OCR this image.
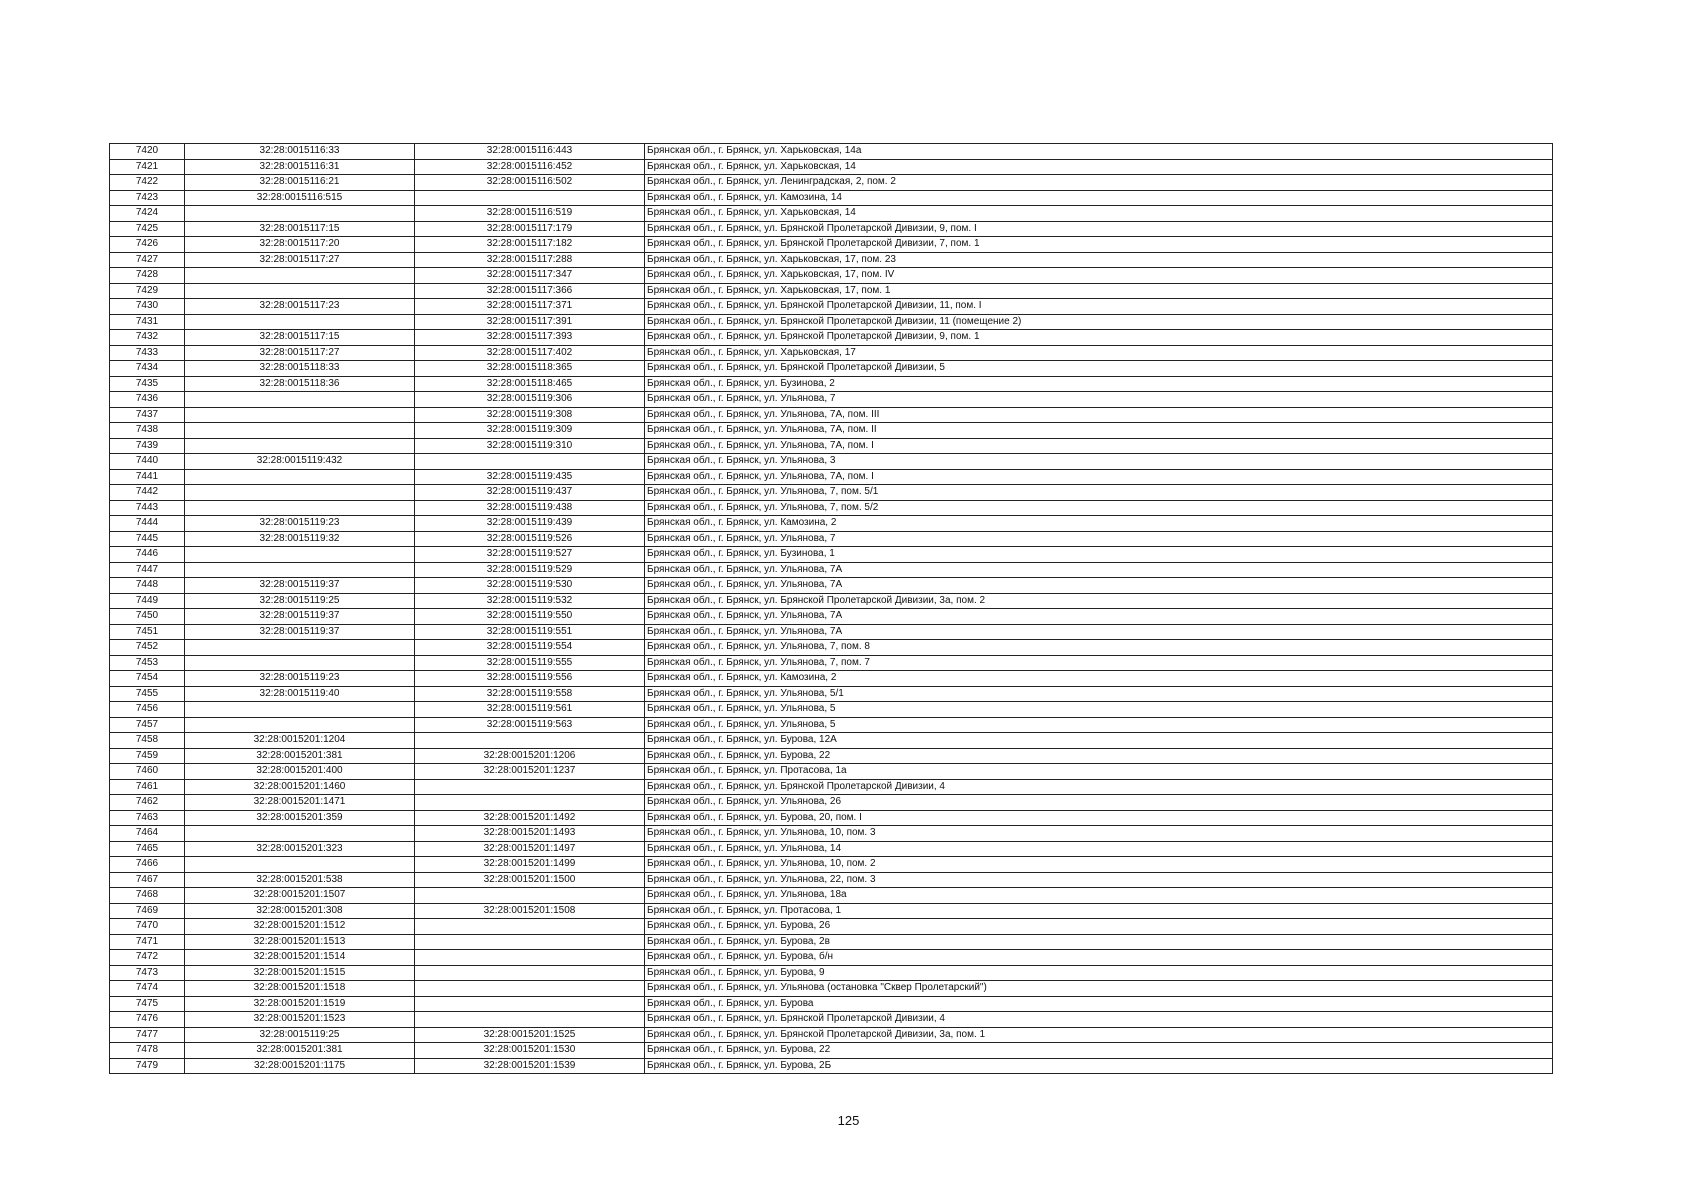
7420	32:28:0015116:33	32:28:0015116:443	Брянская обл., г. Брянск, ул. Харьковская, 14а
7421	32:28:0015116:31	32:28:0015116:452	Брянская обл., г. Брянск, ул. Харьковская, 14
7422	32:28:0015116:21	32:28:0015116:502	Брянская обл., г. Брянск, ул. Ленинградская, 2, пом. 2
7423	32:28:0015116:515		Брянская обл., г. Брянск, ул. Камозина, 14
7424		32:28:0015116:519	Брянская обл., г. Брянск, ул. Харьковская, 14
7425	32:28:0015117:15	32:28:0015117:179	Брянская обл., г. Брянск, ул. Брянской Пролетарской Дивизии, 9, пом. I
7426	32:28:0015117:20	32:28:0015117:182	Брянская обл., г. Брянск, ул. Брянской Пролетарской Дивизии, 7, пом. 1
7427	32:28:0015117:27	32:28:0015117:288	Брянская обл., г. Брянск, ул. Харьковская, 17, пом. 23
7428		32:28:0015117:347	Брянская обл., г. Брянск, ул. Харьковская, 17, пом. IV
7429		32:28:0015117:366	Брянская обл., г. Брянск, ул. Харьковская, 17, пом. 1
7430	32:28:0015117:23	32:28:0015117:371	Брянская обл., г. Брянск, ул. Брянской Пролетарской Дивизии, 11, пом. I
7431		32:28:0015117:391	Брянская обл., г. Брянск, ул. Брянской Пролетарской Дивизии, 11 (помещение 2)
7432	32:28:0015117:15	32:28:0015117:393	Брянская обл., г. Брянск, ул. Брянской Пролетарской Дивизии, 9, пом. 1
7433	32:28:0015117:27	32:28:0015117:402	Брянская обл., г. Брянск, ул. Харьковская, 17
7434	32:28:0015118:33	32:28:0015118:365	Брянская обл., г. Брянск, ул. Брянской Пролетарской Дивизии, 5
7435	32:28:0015118:36	32:28:0015118:465	Брянская обл., г. Брянск, ул. Бузинова, 2
7436		32:28:0015119:306	Брянская обл., г. Брянск, ул. Ульянова, 7
7437		32:28:0015119:308	Брянская обл., г. Брянск, ул. Ульянова, 7А, пом. III
7438		32:28:0015119:309	Брянская обл., г. Брянск, ул. Ульянова, 7А, пом. II
7439		32:28:0015119:310	Брянская обл., г. Брянск, ул. Ульянова, 7А, пом. I
7440	32:28:0015119:432		Брянская обл., г. Брянск, ул. Ульянова, 3
7441		32:28:0015119:435	Брянская обл., г. Брянск, ул. Ульянова, 7А, пом. I
7442		32:28:0015119:437	Брянская обл., г. Брянск, ул. Ульянова, 7, пом. 5/1
7443		32:28:0015119:438	Брянская обл., г. Брянск, ул. Ульянова, 7, пом. 5/2
7444	32:28:0015119:23	32:28:0015119:439	Брянская обл., г. Брянск, ул. Камозина, 2
7445	32:28:0015119:32	32:28:0015119:526	Брянская обл., г. Брянск, ул. Ульянова, 7
7446		32:28:0015119:527	Брянская обл., г. Брянск, ул. Бузинова, 1
7447		32:28:0015119:529	Брянская обл., г. Брянск, ул. Ульянова, 7А
7448	32:28:0015119:37	32:28:0015119:530	Брянская обл., г. Брянск, ул. Ульянова, 7А
7449	32:28:0015119:25	32:28:0015119:532	Брянская обл., г. Брянск, ул. Брянской Пролетарской Дивизии, 3а, пом. 2
7450	32:28:0015119:37	32:28:0015119:550	Брянская обл., г. Брянск, ул. Ульянова, 7А
7451	32:28:0015119:37	32:28:0015119:551	Брянская обл., г. Брянск, ул. Ульянова, 7А
7452		32:28:0015119:554	Брянская обл., г. Брянск, ул. Ульянова, 7, пом. 8
7453		32:28:0015119:555	Брянская обл., г. Брянск, ул. Ульянова, 7, пом. 7
7454	32:28:0015119:23	32:28:0015119:556	Брянская обл., г. Брянск, ул. Камозина, 2
7455	32:28:0015119:40	32:28:0015119:558	Брянская обл., г. Брянск, ул. Ульянова, 5/1
7456		32:28:0015119:561	Брянская обл., г. Брянск, ул. Ульянова, 5
7457		32:28:0015119:563	Брянская обл., г. Брянск, ул. Ульянова, 5
7458	32:28:0015201:1204		Брянская обл., г. Брянск, ул. Бурова, 12А
7459	32:28:0015201:381	32:28:0015201:1206	Брянская обл., г. Брянск, ул. Бурова, 22
7460	32:28:0015201:400	32:28:0015201:1237	Брянская обл., г. Брянск, ул. Протасова, 1а
7461	32:28:0015201:1460		Брянская обл., г. Брянск, ул. Брянской Пролетарской Дивизии, 4
7462	32:28:0015201:1471		Брянская обл., г. Брянск, ул. Ульянова, 26
7463	32:28:0015201:359	32:28:0015201:1492	Брянская обл., г. Брянск, ул. Бурова, 20, пом. I
7464		32:28:0015201:1493	Брянская обл., г. Брянск, ул. Ульянова, 10, пом. 3
7465	32:28:0015201:323	32:28:0015201:1497	Брянская обл., г. Брянск, ул. Ульянова, 14
7466		32:28:0015201:1499	Брянская обл., г. Брянск, ул. Ульянова, 10, пом. 2
7467	32:28:0015201:538	32:28:0015201:1500	Брянская обл., г. Брянск, ул. Ульянова, 22, пом. 3
7468	32:28:0015201:1507		Брянская обл., г. Брянск, ул. Ульянова, 18а
7469	32:28:0015201:308	32:28:0015201:1508	Брянская обл., г. Брянск, ул. Протасова, 1
7470	32:28:0015201:1512		Брянская обл., г. Брянск, ул. Бурова, 26
7471	32:28:0015201:1513		Брянская обл., г. Брянск, ул. Бурова, 2в
7472	32:28:0015201:1514		Брянская обл., г. Брянск, ул. Бурова, б/н
7473	32:28:0015201:1515		Брянская обл., г. Брянск, ул. Бурова, 9
7474	32:28:0015201:1518		Брянская обл., г. Брянск, ул. Ульянова (остановка "Сквер Пролетарский")
7475	32:28:0015201:1519		Брянская обл., г. Брянск, ул. Бурова
7476	32:28:0015201:1523		Брянская обл., г. Брянск, ул. Брянской Пролетарской Дивизии, 4
7477	32:28:0015119:25	32:28:0015201:1525	Брянская обл., г. Брянск, ул. Брянской Пролетарской Дивизии, 3а, пом. 1
7478	32:28:0015201:381	32:28:0015201:1530	Брянская обл., г. Брянск, ул. Бурова, 22
7479	32:28:0015201:1175	32:28:0015201:1539	Брянская обл., г. Брянск, ул. Бурова, 2Б
125
